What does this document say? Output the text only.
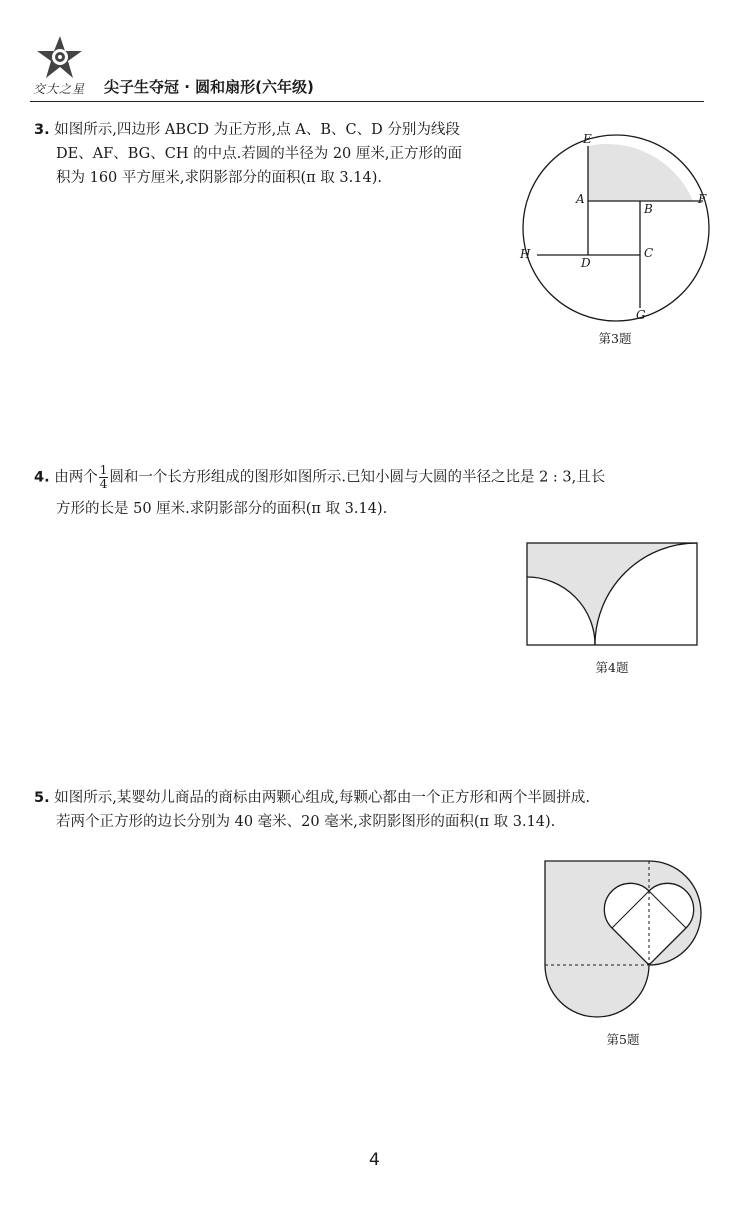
交大之星 尖子生夺冠 · 圆和扇形(六年级)
3. 如图所示,四边形 ABCD 为正方形,点 A、B、C、D 分别为线段
DE、AF、BG、CH 的中点.若圆的半径为 20 厘米,正方形的面
积为 160 平方厘米,求阴影部分的面积(π 取 3.14).
E
A
B
F
H
D
C
G
第3题
4. 由两个 $\frac{1}{4}$ 圆和一个长方形组成的图形如图所示.已知小圆与大圆的半径之比是 2 : 3,且长
方形的长是 50 厘米.求阴影部分的面积(π 取 3.14).
第4题
5. 如图所示,某婴幼儿商品的商标由两颗心组成,每颗心都由一个正方形和两个半圆拼成.
若两个正方形的边长分别为 40 毫米、20 毫米,求阴影图形的面积(π 取 3.14).
第5题
4
